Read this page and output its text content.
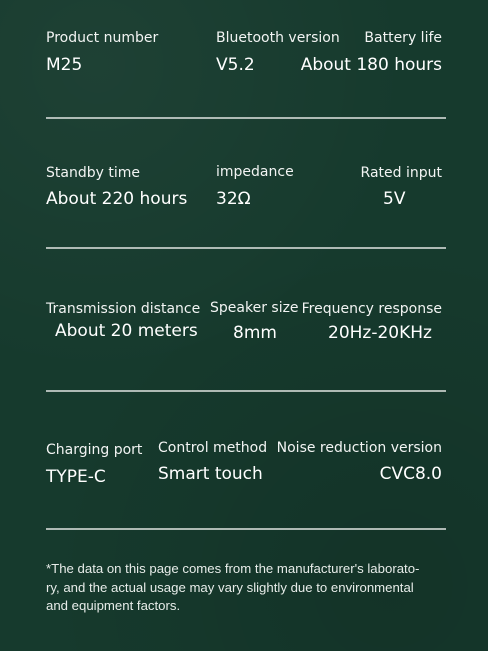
Product number
M25
Bluetooth version
V5.2
Battery life
About 180 hours
Standby time
About 220 hours
impedance
32Ω
Rated input
5V
Transmission distance
About 20 meters
Speaker size
8mm
Frequency response
20Hz-20KHz
Charging port
TYPE-C
Control method
Smart touch
Noise reduction version
CVC8.0
*The data on this page comes from the manufacturer's laborato-
ry, and the actual usage may vary slightly due to environmental
and equipment factors.
